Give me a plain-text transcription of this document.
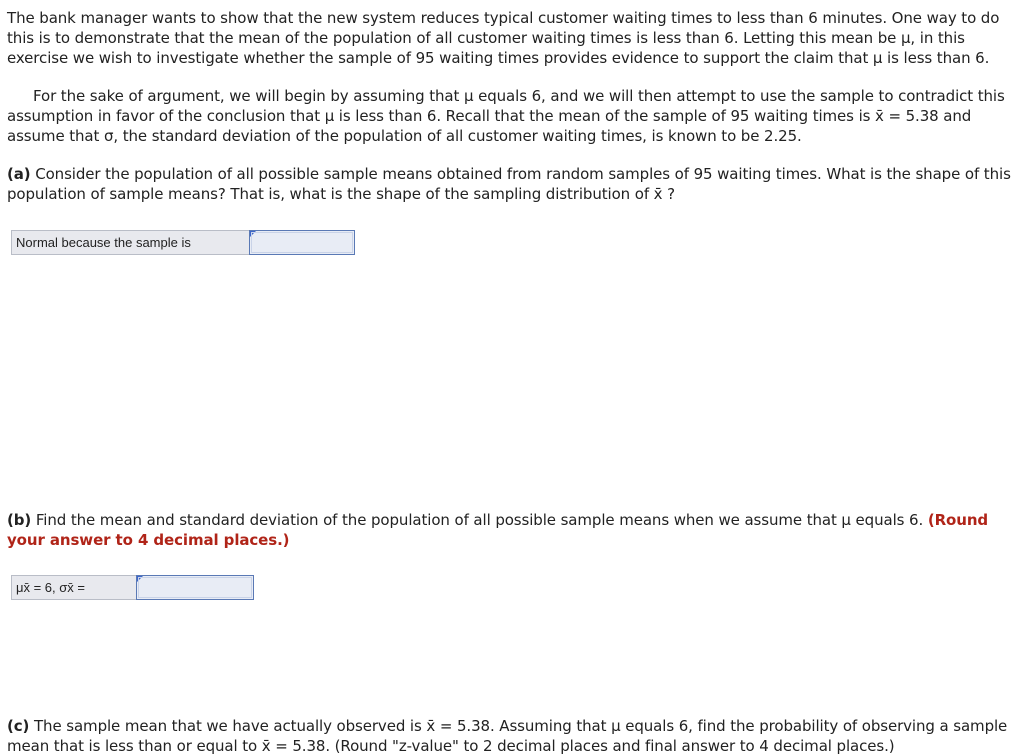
The bank manager wants to show that the new system reduces typical customer waiting times to less than 6 minutes. One way to do this is to demonstrate that the mean of the population of all customer waiting times is less than 6. Letting this mean be μ, in this exercise we wish to investigate whether the sample of 95 waiting times provides evidence to support the claim that μ is less than 6.

For the sake of argument, we will begin by assuming that μ equals 6, and we will then attempt to use the sample to contradict this assumption in favor of the conclusion that μ is less than 6. Recall that the mean of the sample of 95 waiting times is x̄ = 5.38 and assume that σ, the standard deviation of the population of all customer waiting times, is known to be 2.25.

(a) Consider the population of all possible sample means obtained from random samples of 95 waiting times. What is the shape of this population of sample means? That is, what is the shape of the sampling distribution of x̄ ?

Normal because the sample is

(b) Find the mean and standard deviation of the population of all possible sample means when we assume that μ equals 6. (Round your answer to 4 decimal places.)

μx̄ = 6, σx̄ =

(c) The sample mean that we have actually observed is x̄ = 5.38. Assuming that μ equals 6, find the probability of observing a sample mean that is less than or equal to x̄ = 5.38. (Round "z-value" to 2 decimal places and final answer to 4 decimal places.)
